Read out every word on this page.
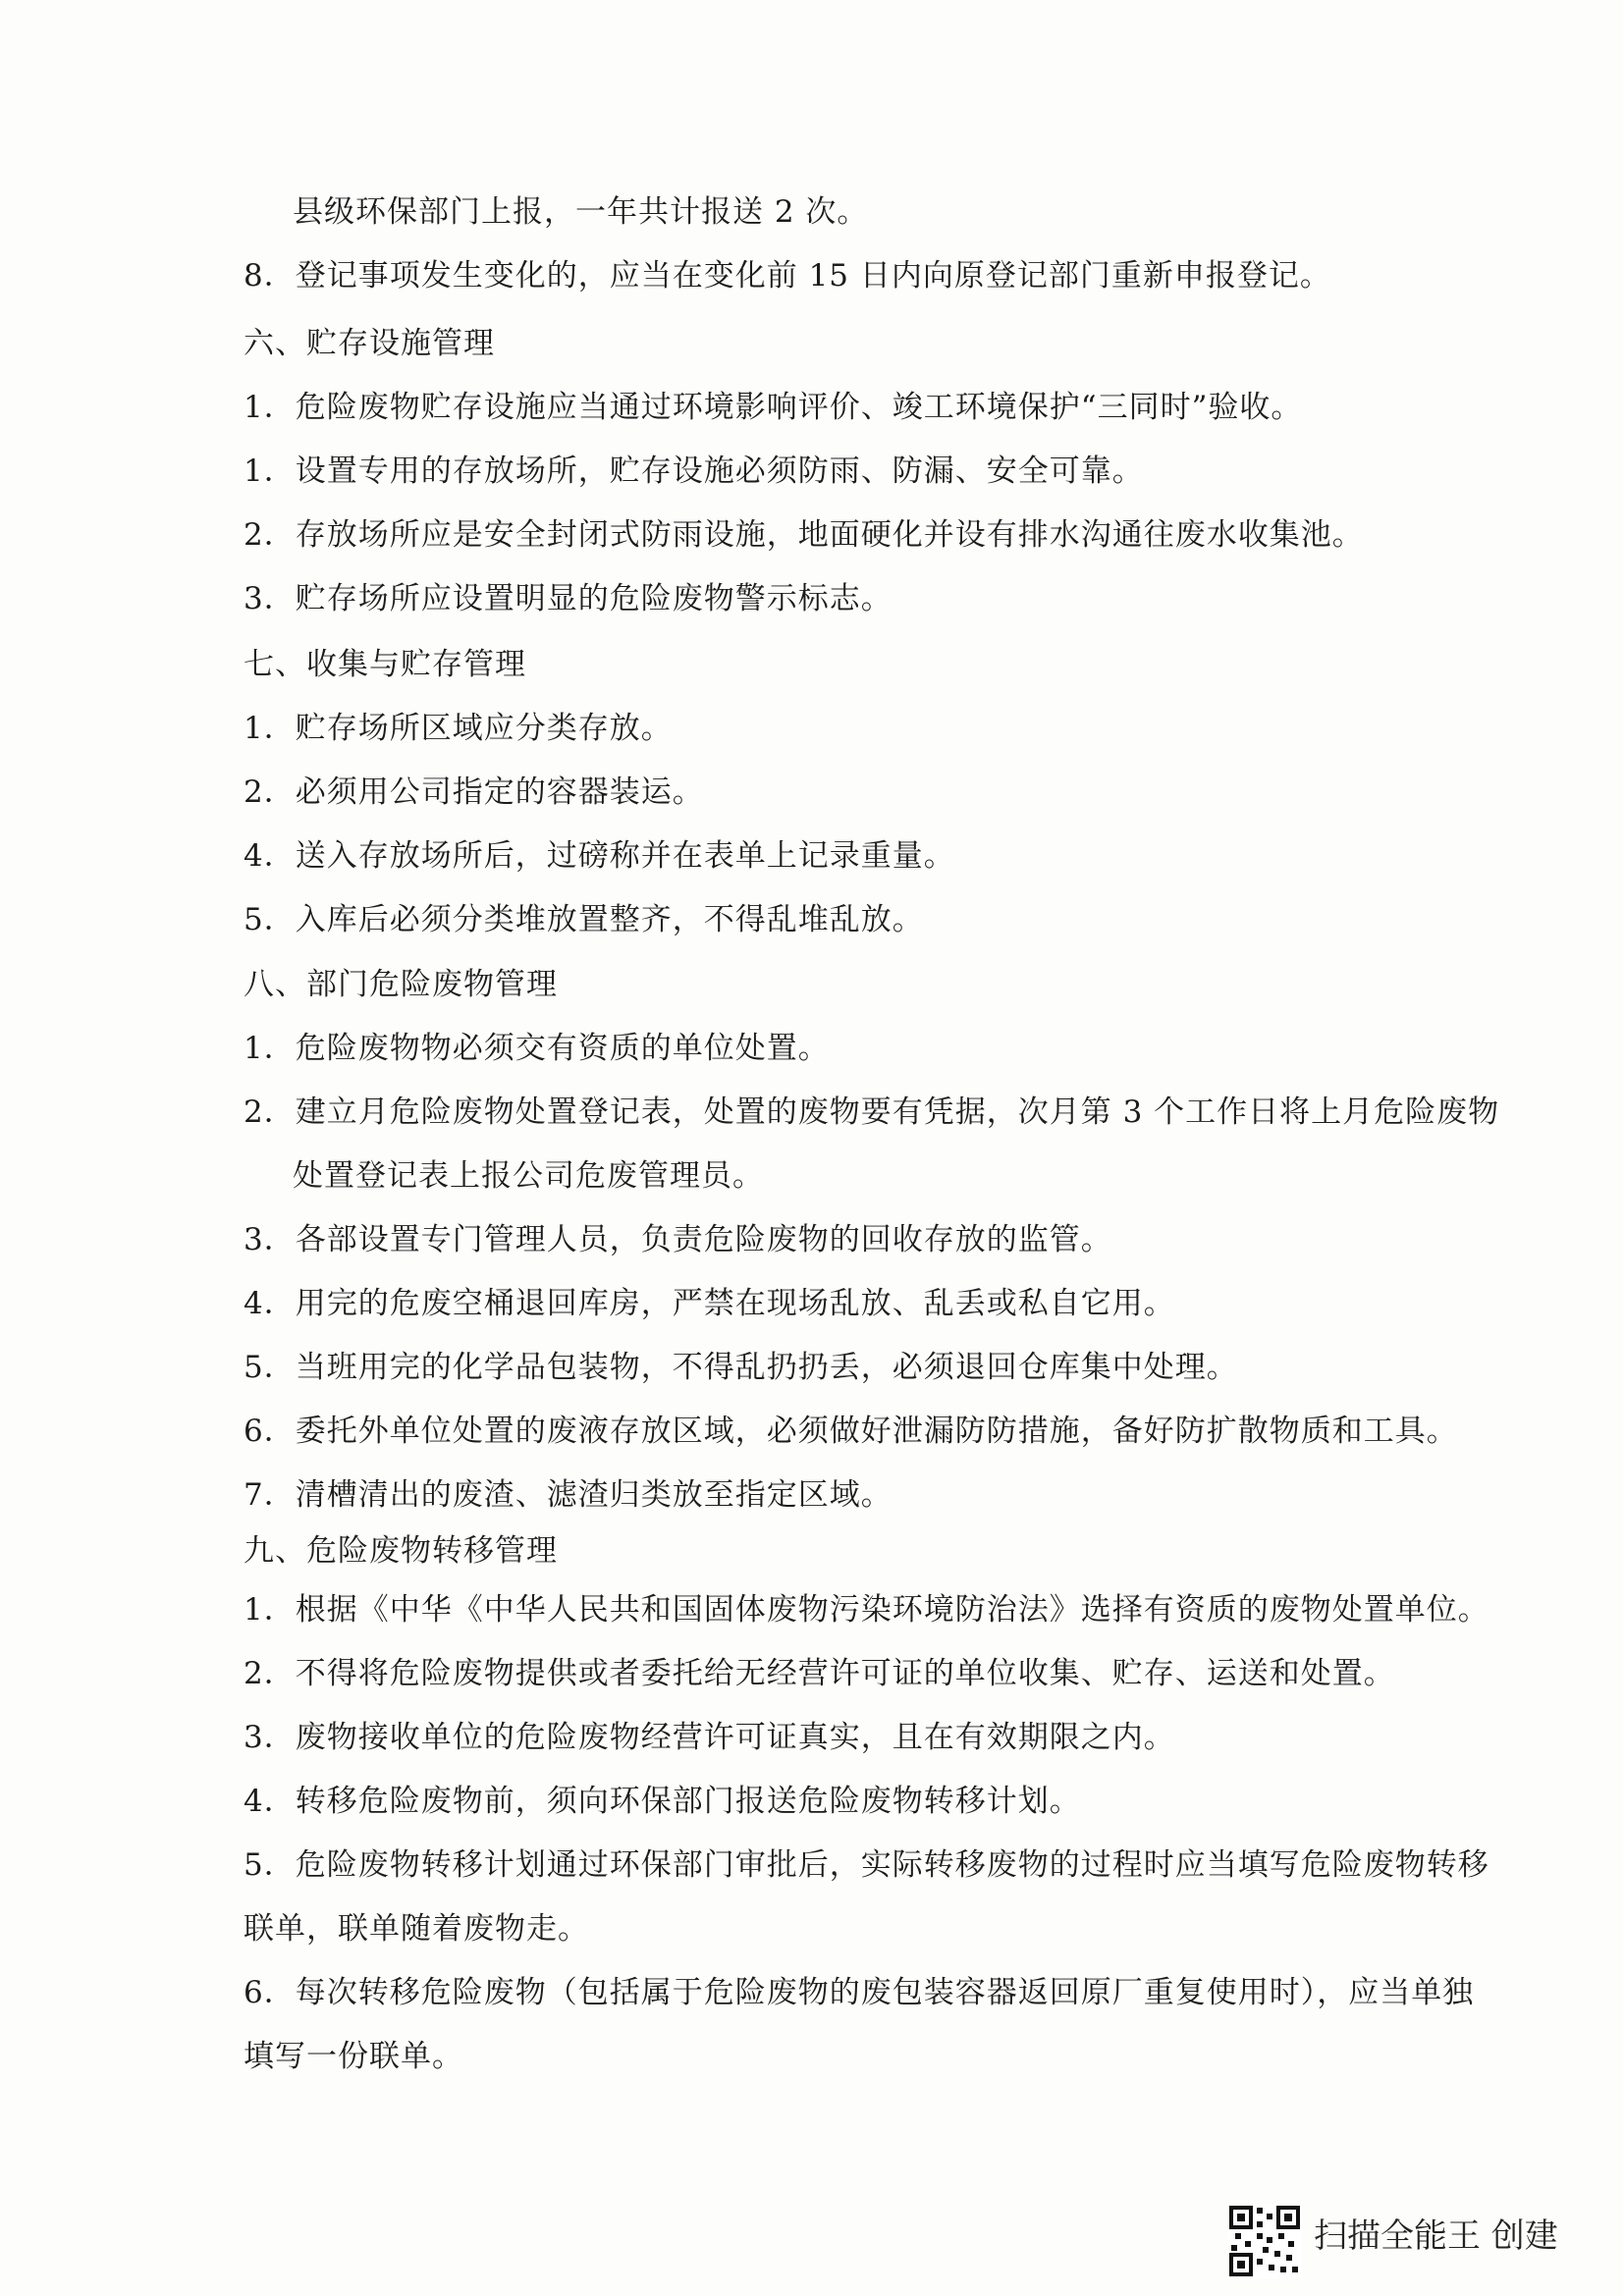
县级环保部门上报，一年共计报送 2 次。
8．登记事项发生变化的，应当在变化前 15 日内向原登记部门重新申报登记。
六、贮存设施管理
1．危险废物贮存设施应当通过环境影响评价、竣工环境保护“三同时”验收。
1．设置专用的存放场所，贮存设施必须防雨、防漏、安全可靠。
2．存放场所应是安全封闭式防雨设施，地面硬化并设有排水沟通往废水收集池。
3．贮存场所应设置明显的危险废物警示标志。
七、收集与贮存管理
1．贮存场所区域应分类存放。
2．必须用公司指定的容器装运。
4．送入存放场所后，过磅称并在表单上记录重量。
5．入库后必须分类堆放置整齐，不得乱堆乱放。
八、部门危险废物管理
1．危险废物物必须交有资质的单位处置。
2．建立月危险废物处置登记表，处置的废物要有凭据，次月第 3 个工作日将上月危险废物
处置登记表上报公司危废管理员。
3．各部设置专门管理人员，负责危险废物的回收存放的监管。
4．用完的危废空桶退回库房，严禁在现场乱放、乱丢或私自它用。
5．当班用完的化学品包装物，不得乱扔扔丢，必须退回仓库集中处理。
6．委托外单位处置的废液存放区域，必须做好泄漏防防措施，备好防扩散物质和工具。
7．清槽清出的废渣、滤渣归类放至指定区域。
九、危险废物转移管理
1．根据《中华《中华人民共和国固体废物污染环境防治法》选择有资质的废物处置单位。
2．不得将危险废物提供或者委托给无经营许可证的单位收集、贮存、运送和处置。
3．废物接收单位的危险废物经营许可证真实，且在有效期限之内。
4．转移危险废物前，须向环保部门报送危险废物转移计划。
5．危险废物转移计划通过环保部门审批后，实际转移废物的过程时应当填写危险废物转移
联单，联单随着废物走。
6．每次转移危险废物（包括属于危险废物的废包装容器返回原厂重复使用时），应当单独
填写一份联单。
扫描全能王 创建
